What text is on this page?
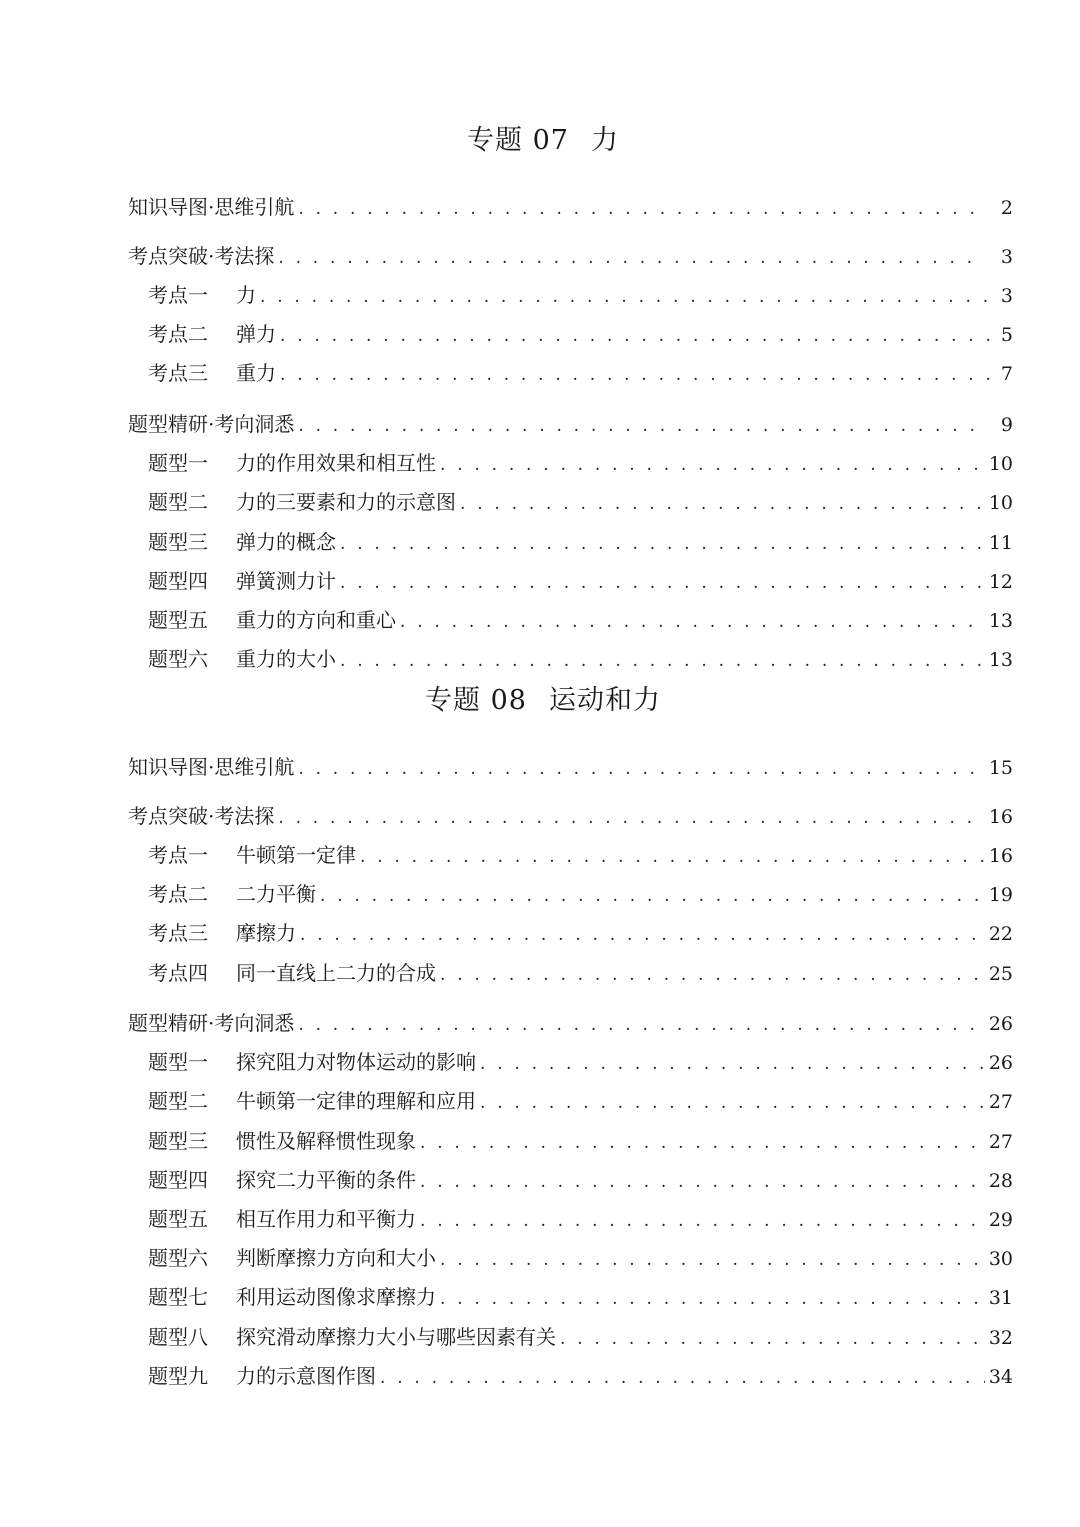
专题 07 力
知识导图·思维引航 . . .	2
考点突破·考法探 . . .	3
考点一 力 . . .	3
考点二 弹力 . . .	5
考点三 重力 . . .	7
题型精研·考向洞悉 . . .	9
题型一 力的作用效果和相互性 . . .	10
题型二 力的三要素和力的示意图 . . .	10
题型三 弹力的概念 . . .	11
题型四 弹簧测力计 . . .	12
题型五 重力的方向和重心 . . .	13
题型六 重力的大小 . . .	13
专题 08 运动和力
知识导图·思维引航 . . .	15
考点突破·考法探 . . .	16
考点一 牛顿第一定律 . . .	16
考点二 二力平衡 . . .	19
考点三 摩擦力 . . .	22
考点四 同一直线上二力的合成 . . .	25
题型精研·考向洞悉 . . .	26
题型一 探究阻力对物体运动的影响 . . .	26
题型二 牛顿第一定律的理解和应用 . . .	27
题型三 惯性及解释惯性现象 . . .	27
题型四 探究二力平衡的条件 . . .	28
题型五 相互作用力和平衡力 . . .	29
题型六 判断摩擦力方向和大小 . . .	30
题型七 利用运动图像求摩擦力 . . .	31
题型八 探究滑动摩擦力大小与哪些因素有关 . . .	32
题型九 力的示意图作图 . . .	34
